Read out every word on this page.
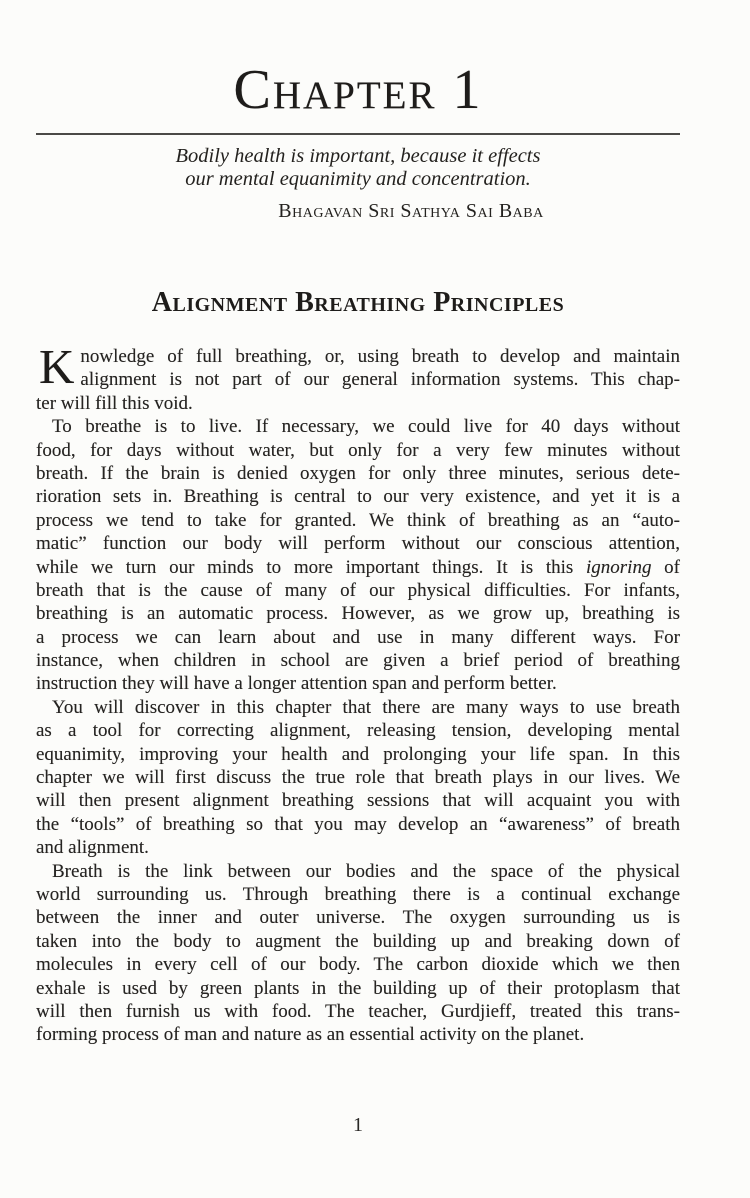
Chapter 1
Bodily health is important, because it effects
our mental equanimity and concentration.
Bhagavan Sri Sathya Sai Baba
Alignment Breathing Principles
K nowledge of full breathing, or, using breath to develop and maintain
alignment is not part of our general information systems. This chap-
ter will fill this void.
To breathe is to live. If necessary, we could live for 40 days without
food, for days without water, but only for a very few minutes without
breath. If the brain is denied oxygen for only three minutes, serious dete-
rioration sets in. Breathing is central to our very existence, and yet it is a
process we tend to take for granted. We think of breathing as an “auto-
matic” function our body will perform without our conscious attention,
while we turn our minds to more important things. It is this ignoring of
breath that is the cause of many of our physical difficulties. For infants,
breathing is an automatic process. However, as we grow up, breathing is
a process we can learn about and use in many different ways. For
instance, when children in school are given a brief period of breathing
instruction they will have a longer attention span and perform better.
You will discover in this chapter that there are many ways to use breath
as a tool for correcting alignment, releasing tension, developing mental
equanimity, improving your health and prolonging your life span. In this
chapter we will first discuss the true role that breath plays in our lives. We
will then present alignment breathing sessions that will acquaint you with
the “tools” of breathing so that you may develop an “awareness” of breath
and alignment.
Breath is the link between our bodies and the space of the physical
world surrounding us. Through breathing there is a continual exchange
between the inner and outer universe. The oxygen surrounding us is
taken into the body to augment the building up and breaking down of
molecules in every cell of our body. The carbon dioxide which we then
exhale is used by green plants in the building up of their protoplasm that
will then furnish us with food. The teacher, Gurdjieff, treated this trans-
forming process of man and nature as an essential activity on the planet.
1
